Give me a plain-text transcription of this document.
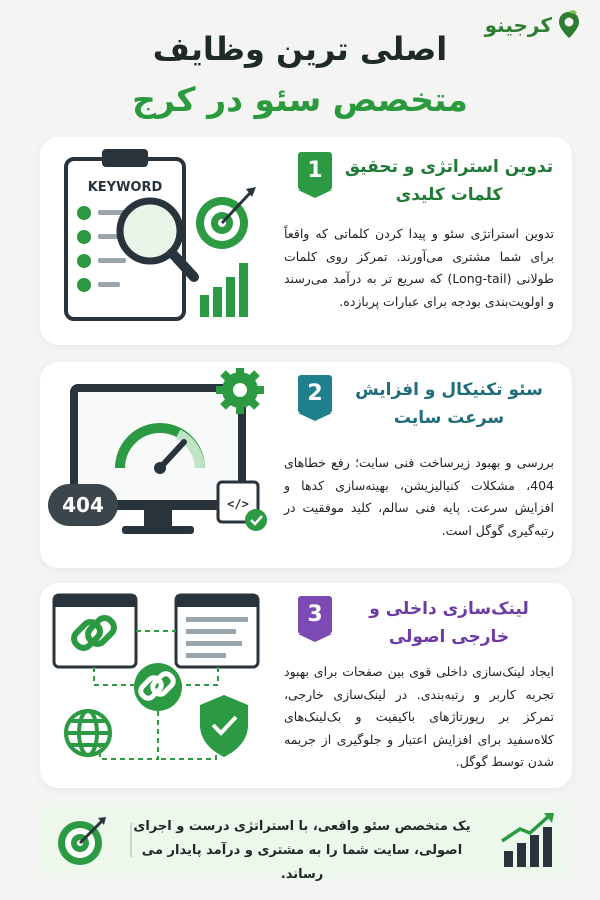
کرجینو
اصلی ترین وظایف
متخصص سئو در کرج
KEYWORD
1	تدوین استراتژی و تحقیق کلمات کلیدی
تدوین استراتژی سئو و پیدا کردن کلماتی که واقعاً برای شما مشتری می‌آورند. تمرکز روی کلمات طولانی (Long-tail) که سریع تر به درآمد می‌رسند و اولویت‌بندی بودجه برای عبارات پربازده.
404	</>
2	سئو تکنیکال و افزایش سرعت سایت
بررسی و بهبود زیرساخت فنی سایت؛ رفع خطاهای 404، مشکلات کنیالیزیشن، بهینه‌سازی کدها و افزایش سرعت. پایه فنی سالم، کلید موفقیت در رتبه‌گیری گوگل است.
3	لینک‌سازی داخلی و خارجی اصولی
ایجاد لینک‌سازی داخلی قوی بین صفحات برای بهبود تجربه کاربر و رتبه‌بندی. در لینک‌سازی خارجی، تمرکز بر رپورتاژهای باکیفیت و بک‌لینک‌های کلاه‌سفید برای افزایش اعتبار و جلوگیری از جریمه شدن توسط گوگل.
یک متخصص سئو واقعی، با استراتژی درست و اجرای اصولی، سایت شما را به مشتری و درآمد پایدار می رساند.
